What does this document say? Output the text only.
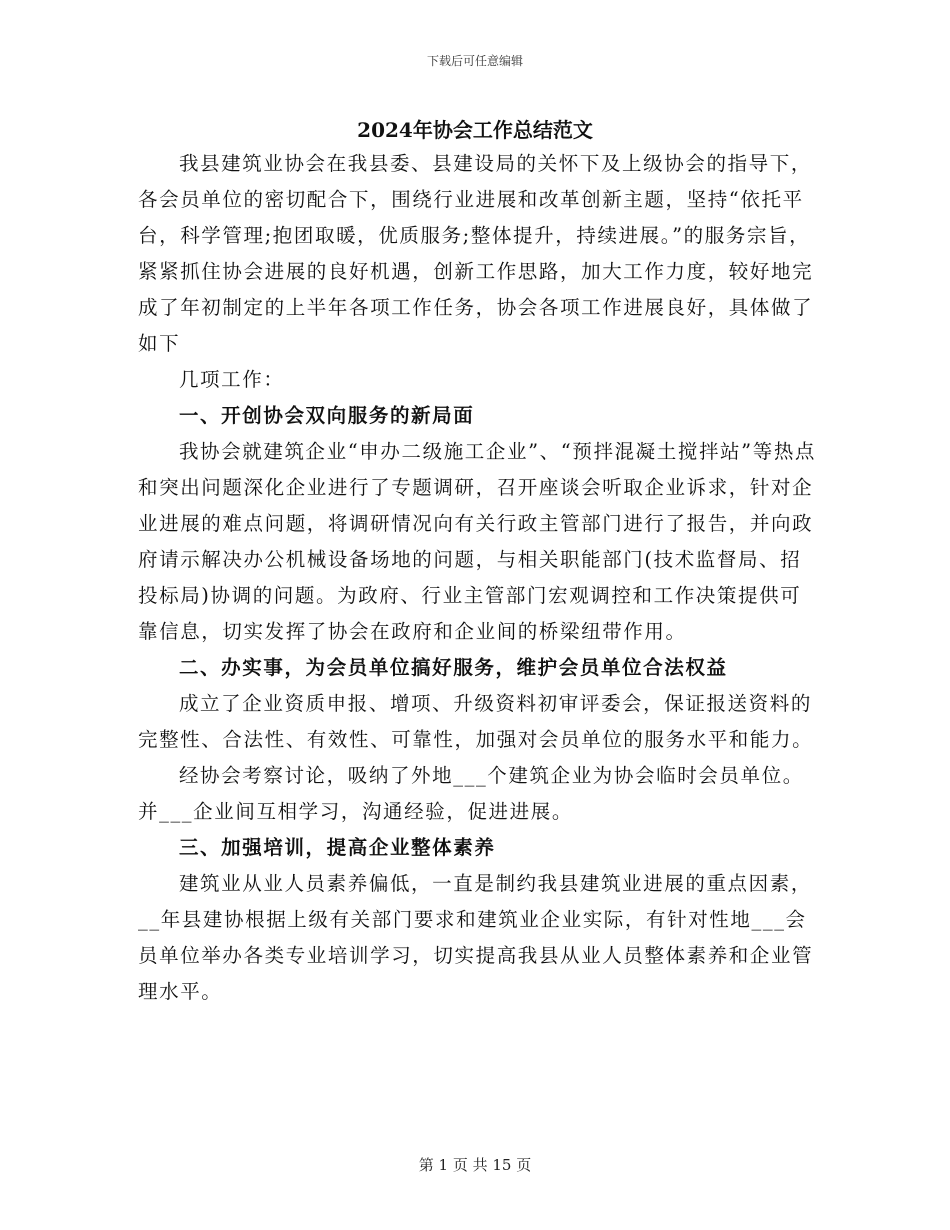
下载后可任意编辑
2024年协会工作总结范文

我县建筑业协会在我县委、县建设局的关怀下及上级协会的指导下，各会员单位的密切配合下，围绕行业进展和改革创新主题，坚持“依托平台，科学管理;抱团取暖，优质服务;整体提升，持续进展。”的服务宗旨，紧紧抓住协会进展的良好机遇，创新工作思路，加大工作力度，较好地完成了年初制定的上半年各项工作任务，协会各项工作进展良好，具体做了如下

几项工作：

一、开创协会双向服务的新局面

我协会就建筑企业“申办二级施工企业”、“预拌混凝土搅拌站”等热点和突出问题深化企业进行了专题调研，召开座谈会听取企业诉求，针对企业进展的难点问题，将调研情况向有关行政主管部门进行了报告，并向政府请示解决办公机械设备场地的问题，与相关职能部门(技术监督局、招投标局)协调的问题。为政府、行业主管部门宏观调控和工作决策提供可靠信息，切实发挥了协会在政府和企业间的桥梁纽带作用。

二、办实事，为会员单位搞好服务，维护会员单位合法权益

成立了企业资质申报、增项、升级资料初审评委会，保证报送资料的完整性、合法性、有效性、可靠性，加强对会员单位的服务水平和能力。

经协会考察讨论，吸纳了外地___个建筑企业为协会临时会员单位。

并___企业间互相学习，沟通经验，促进进展。

三、加强培训，提高企业整体素养

建筑业从业人员素养偏低，一直是制约我县建筑业进展的重点因素，__年县建协根据上级有关部门要求和建筑业企业实际，有针对性地___会员单位举办各类专业培训学习，切实提高我县从业人员整体素养和企业管理水平。

第 1 页 共 15 页
